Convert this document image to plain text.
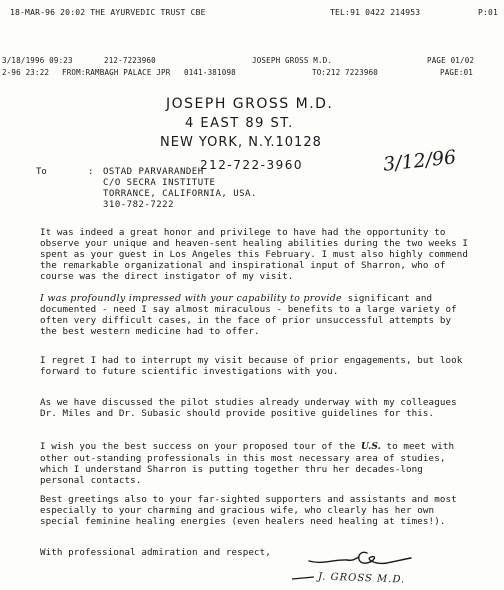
18-MAR-96 20:02 THE AYURVEDIC TRUST CBE	TEL:91 0422 214953	P:01
3/18/1996 09:23	212-7223960	JOSEPH GROSS M.D.	PAGE 01/02
2-96 23:22 FROM:RAMBAGH PALACE JPR 0141-381098	TO:212 7223960	PAGE:01
JOSEPH GROSS M.D.
4 EAST 89 ST.
NEW YORK, N.Y.10128
212-722-3960	3/12/96
To	: OSTAD PARVARANDEH
C/O SECRA INSTITUTE
TORRANCE, CALIFORNIA, USA.
310-782-7222
It was indeed a great honor and privilege to have had the opportunity to observe your unique and heaven-sent healing abilities during the two weeks I spent as your guest in Los Angeles this February. I must also highly commend the remarkable organizational and inspirational input of Sharron, who of course was the direct instigator of my visit.
I was profoundly impressed with your capability to provide significant and documented - need I say almost miraculous - benefits to a large variety of often very difficult cases, in the face of prior unsuccessful attempts by the best western medicine had to offer.
I regret I had to interrupt my visit because of prior engagements, but look forward to future scientific investigations with you.
As we have discussed the pilot studies already underway with my colleagues Dr. Miles and Dr. Subasic should provide positive guidelines for this.
I wish you the best success on your proposed tour of the U.S. to meet with other out-standing professionals in this most necessary area of studies, which I understand Sharron is putting together thru her decades-long personal contacts.
Best greetings also to your far-sighted supporters and assistants and most especially to your charming and gracious wife, who clearly has her own special feminine healing energies (even healers need healing at times!).
With professional admiration and respect,
J. GROSS M.D.
